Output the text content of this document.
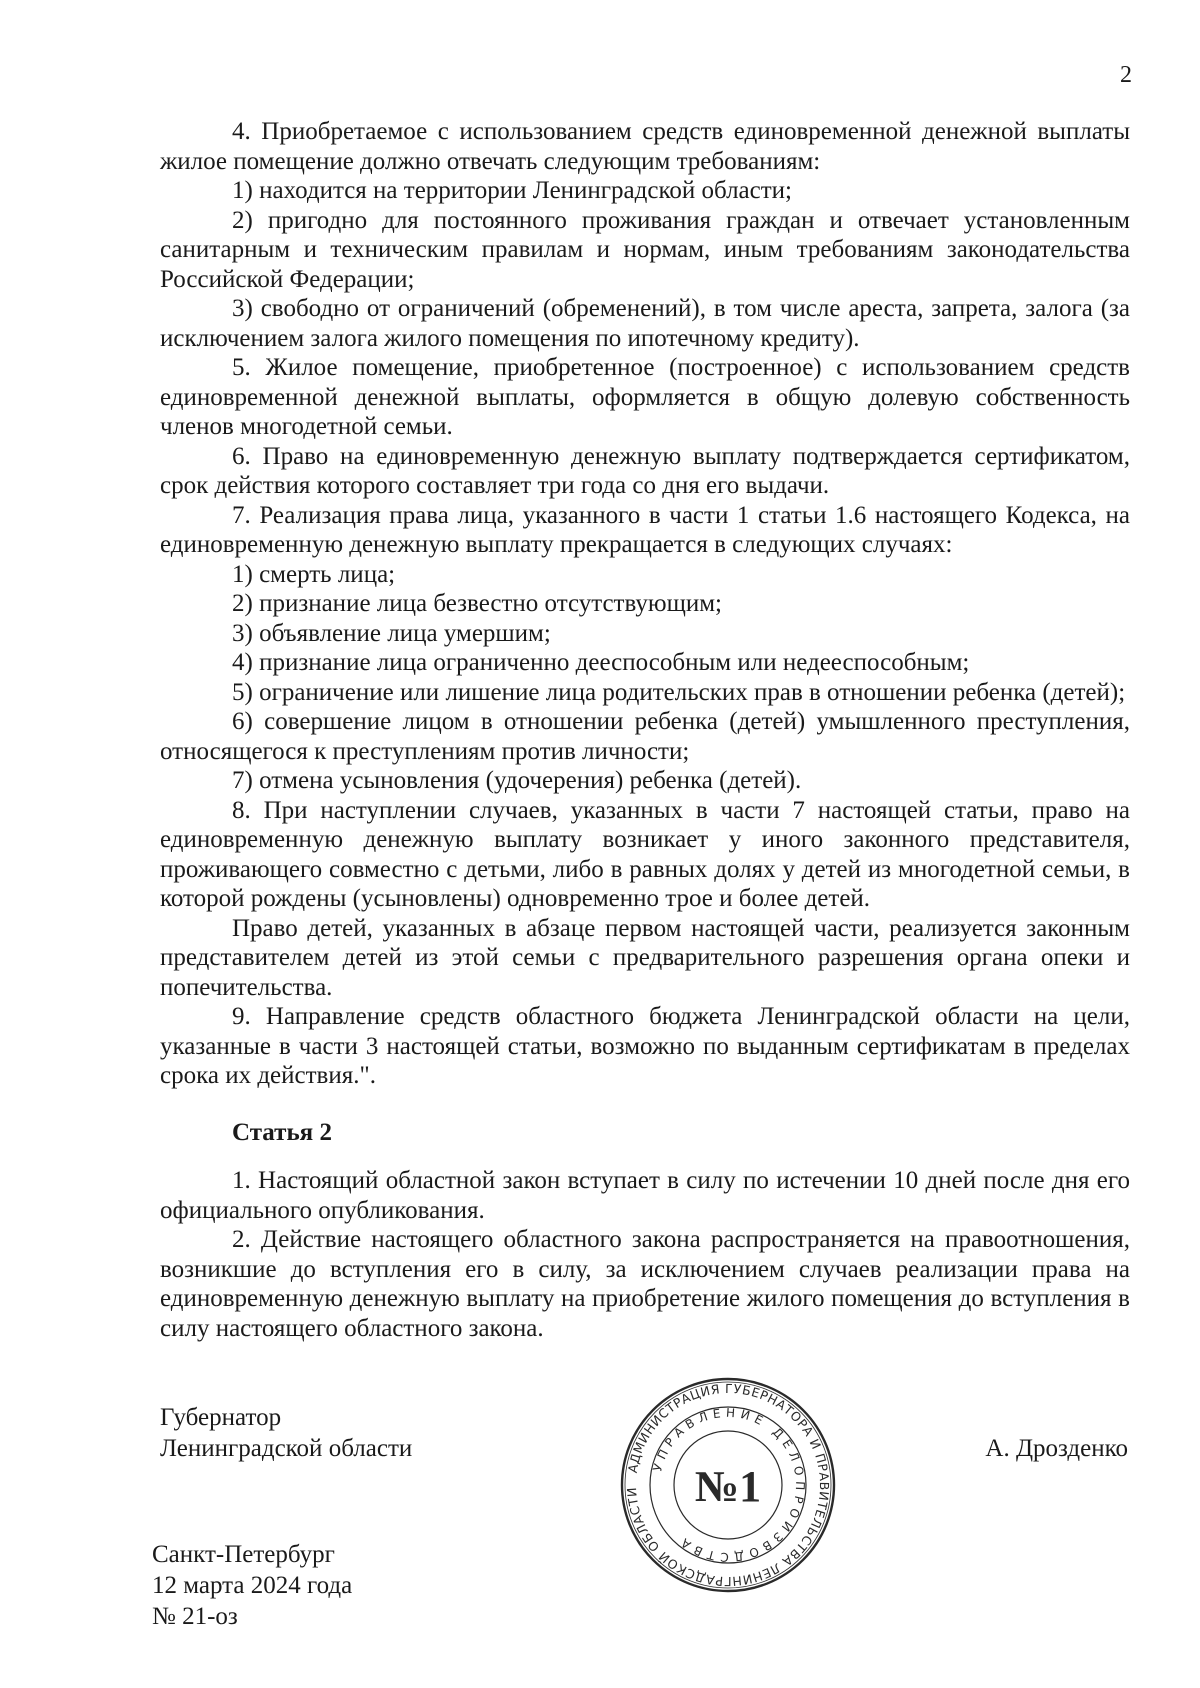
2

4. Приобретаемое с использованием средств единовременной денежной выплаты жилое помещение должно отвечать следующим требованиям:

1) находится на территории Ленинградской области;

2) пригодно для постоянного проживания граждан и отвечает установленным санитарным и техническим правилам и нормам, иным требованиям законодательства Российской Федерации;

3) свободно от ограничений (обременений), в том числе ареста, запрета, залога (за исключением залога жилого помещения по ипотечному кредиту).

5. Жилое помещение, приобретенное (построенное) с использованием средств единовременной денежной выплаты, оформляется в общую долевую собственность членов многодетной семьи.

6. Право на единовременную денежную выплату подтверждается сертификатом, срок действия которого составляет три года со дня его выдачи.

7. Реализация права лица, указанного в части 1 статьи 1.6 настоящего Кодекса, на единовременную денежную выплату прекращается в следующих случаях:

1) смерть лица;

2) признание лица безвестно отсутствующим;

3) объявление лица умершим;

4) признание лица ограниченно дееспособным или недееспособным;

5) ограничение или лишение лица родительских прав в отношении ребенка (детей);

6) совершение лицом в отношении ребенка (детей) умышленного преступления, относящегося к преступлениям против личности;

7) отмена усыновления (удочерения) ребенка (детей).

8. При наступлении случаев, указанных в части 7 настоящей статьи, право на единовременную денежную выплату возникает у иного законного представителя, проживающего совместно с детьми, либо в равных долях у детей из многодетной семьи, в которой рождены (усыновлены) одновременно трое и более детей.

Право детей, указанных в абзаце первом настоящей части, реализуется законным представителем детей из этой семьи с предварительного разрешения органа опеки и попечительства.

9. Направление средств областного бюджета Ленинградской области на цели, указанные в части 3 настоящей статьи, возможно по выданным сертификатам в пределах срока их действия.".

Статья 2

1. Настоящий областной закон вступает в силу по истечении 10 дней после дня его официального опубликования.

2. Действие настоящего областного закона распространяется на правоотношения, возникшие до вступления его в силу, за исключением случаев реализации права на единовременную денежную выплату на приобретение жилого помещения до вступления в силу настоящего областного закона.

Губернатор
Ленинградской области	А. Дрозденко
Санкт-Петербург
12 марта 2024 года
№ 21-оз
АДМИНИСТРАЦИЯ ГУБЕРНАТОРА И ПРАВИТЕЛЬСТВА ЛЕНИНГРАДСКОЙ ОБЛАСТИ
УПРАВЛЕНИЕ ДЕЛОПРОИЗВОДСТВА
№1
